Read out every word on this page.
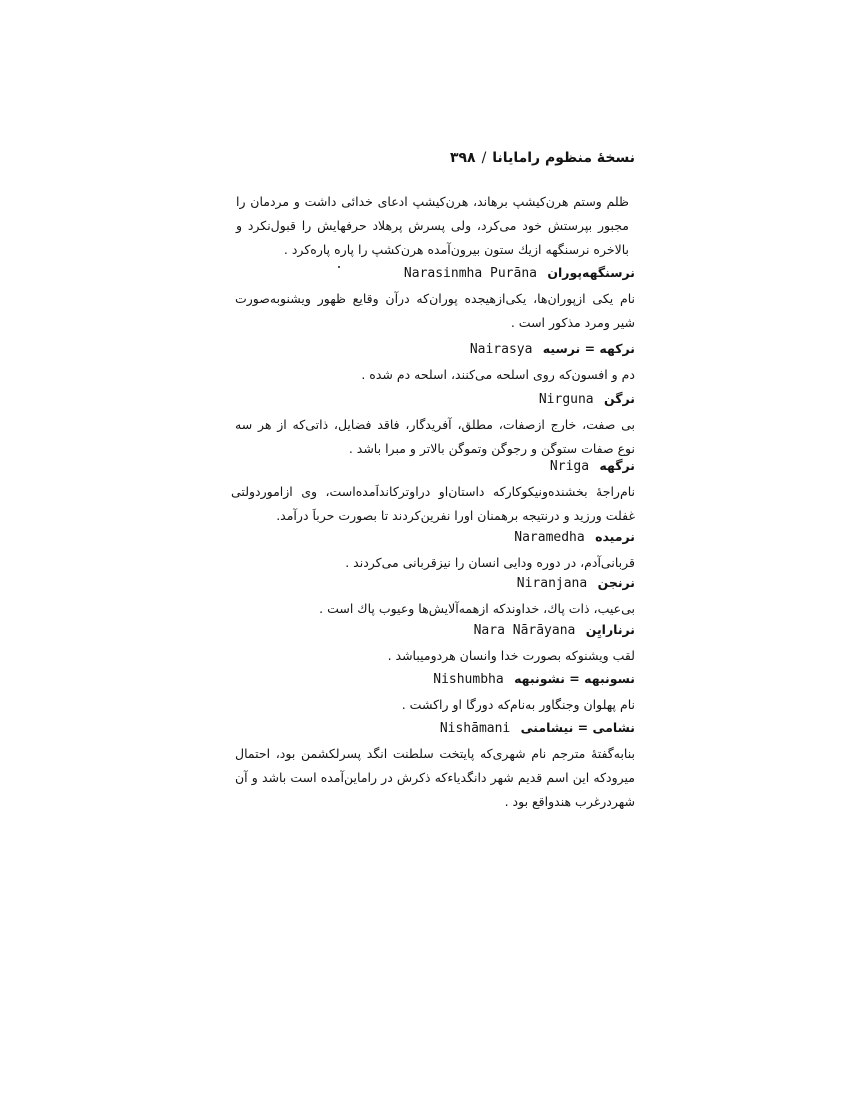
نسخهٔ منظوم رامایانا/۳۹۸
ظلم وستم هرن‌کیشپ برهاند، هرن‌کیشپ ادعای خدائی داشت و مردمان را مجبور بپرستش خود می‌کرد، ولی پسرش پرهلاد حرفهایش را قبول‌نکرد و بالاخره نرسنگهه ازیك ستون بیرون‌آمده هرن‌کشپ را پاره پاره‌کرد .
نرسنگهه‌پوران Narasinmha Purāna
نام یکی ازپوران‌ها، یکی‌ازهیجده پوران‌که درآن وقایع ظهور ویشنوبه‌صورت شیر ومرد مذکور است .
نرکهه = نرسیه Nairasya
دم و افسون‌که روی اسلحه می‌کنند، اسلحه دم شده .
نرگن Nirguna
بی صفت، خارج ازصفات، مطلق، آفریدگار، فاقد فضایل، ذاتی‌که از هر سه نوع صفات ستوگن و رجوگن وتموگن بالاتر و مبرا باشد .
نرگهه Nriga
نام‌راجهٔ بخشنده‌ونیکوکارکه داستان‌او دراوترکانداَمده‌است، وی ازاموردولتی غفلت ورزید و درنتیجه برهمنان اورا نفرین‌کردند تا بصورت حرباَ درآمد.
نرمیده Naramedha
قربانی‌آدم، در دوره ودایی انسان را نیزقربانی می‌کردند .
نرنجن Niranjana
بی‌عیب، ذات پاك، خداوندکه ازهمه‌آلایش‌ها وعیوب پاك است .
نرنارایِن Nara Nārāyana
لقب ویشنوکه بصورت خدا وانسان هردومیباشد .
نسونبهه = نشونبهه Nishumbha
نام پهلوان وجنگاور به‌نام‌که دورگا او راکشت .
نشامی = نیشامنی Nishāmani
بنابه‌گفتهٔ مترجم نام شهری‌که پایتخت سلطنت انگد پسرلکشمن بود، احتمال میرودکه این اسم قدیم شهر دانگدیاءکه ذکرش در راماین‌آمده است باشد و آن شهردرغرب هندواقع بود .
